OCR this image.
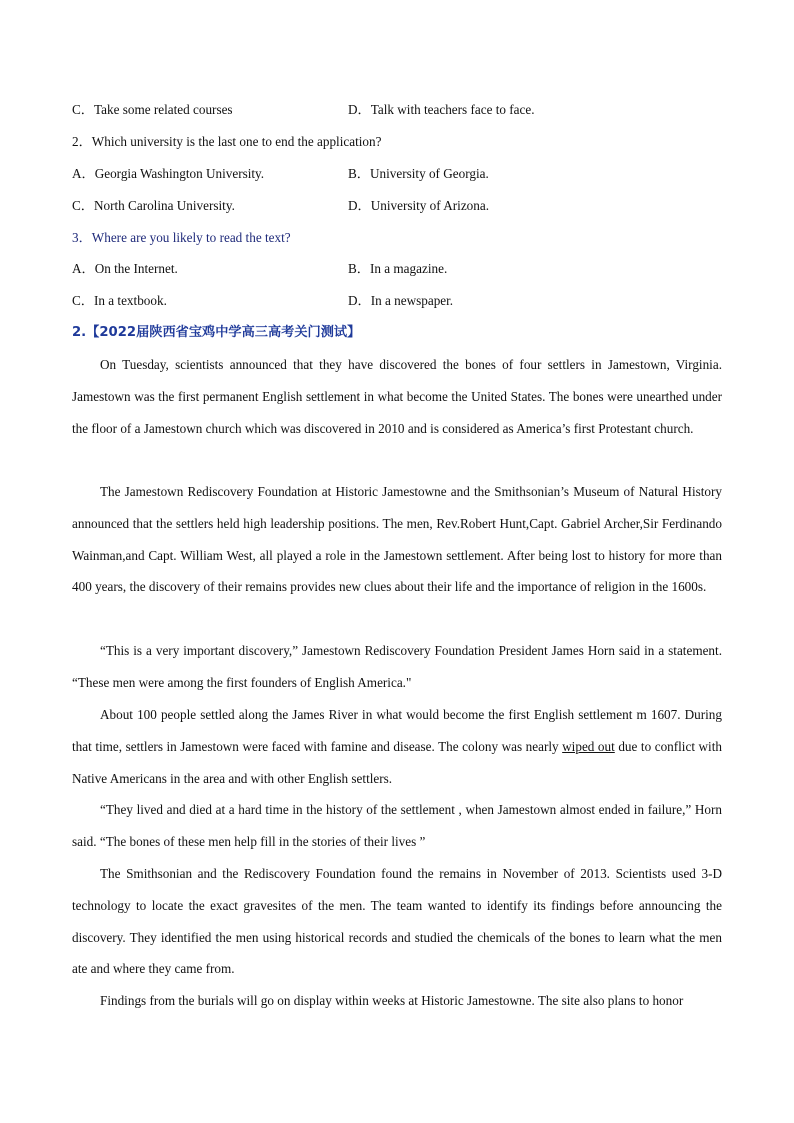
C．Take some related courses	D．Talk with teachers face to face.
2．Which university is the last one to end the application?
A．Georgia Washington University.	B．University of Georgia.
C．North Carolina University.	D．University of Arizona.
3．Where are you likely to read the text?
A．On the Internet.	B．In a magazine.
C．In a textbook.	D．In a newspaper.
2.【2022届陕西省宝鸡中学高三高考关门测试】

On Tuesday, scientists announced that they have discovered the bones of four settlers in Jamestown, Virginia. Jamestown was the first permanent English settlement in what become the United States. The bones were unearthed under the floor of a Jamestown church which was discovered in 2010 and is considered as America’s first Protestant church.

The Jamestown Rediscovery Foundation at Historic Jamestowne and the Smithsonian’s Museum of Natural History announced that the settlers held high leadership positions. The men, Rev.Robert Hunt,Capt. Gabriel Archer,Sir Ferdinando Wainman,and Capt. William West, all played a role in the Jamestown settlement. After being lost to history for more than 400 years, the discovery of their remains provides new clues about their life and the importance of religion in the 1600s.

“This is a very important discovery,” Jamestown Rediscovery Foundation President James Horn said in a statement. “These men were among the first founders of English America."

About 100 people settled along the James River in what would become the first English settlement m 1607. During that time, settlers in Jamestown were faced with famine and disease. The colony was nearly wiped out due to conflict with Native Americans in the area and with other English settlers.

“They lived and died at a hard time in the history of the settlement , when Jamestown almost ended in failure,” Horn said. “The bones of these men help fill in the stories of their lives ”

The Smithsonian and the Rediscovery Foundation found the remains in November of 2013. Scientists used 3-D technology to locate the exact gravesites of the men. The team wanted to identify its findings before announcing the discovery. They identified the men using historical records and studied the chemicals of the bones to learn what the men ate and where they came from.

Findings from the burials will go on display within weeks at Historic Jamestowne. The site also plans to honor
